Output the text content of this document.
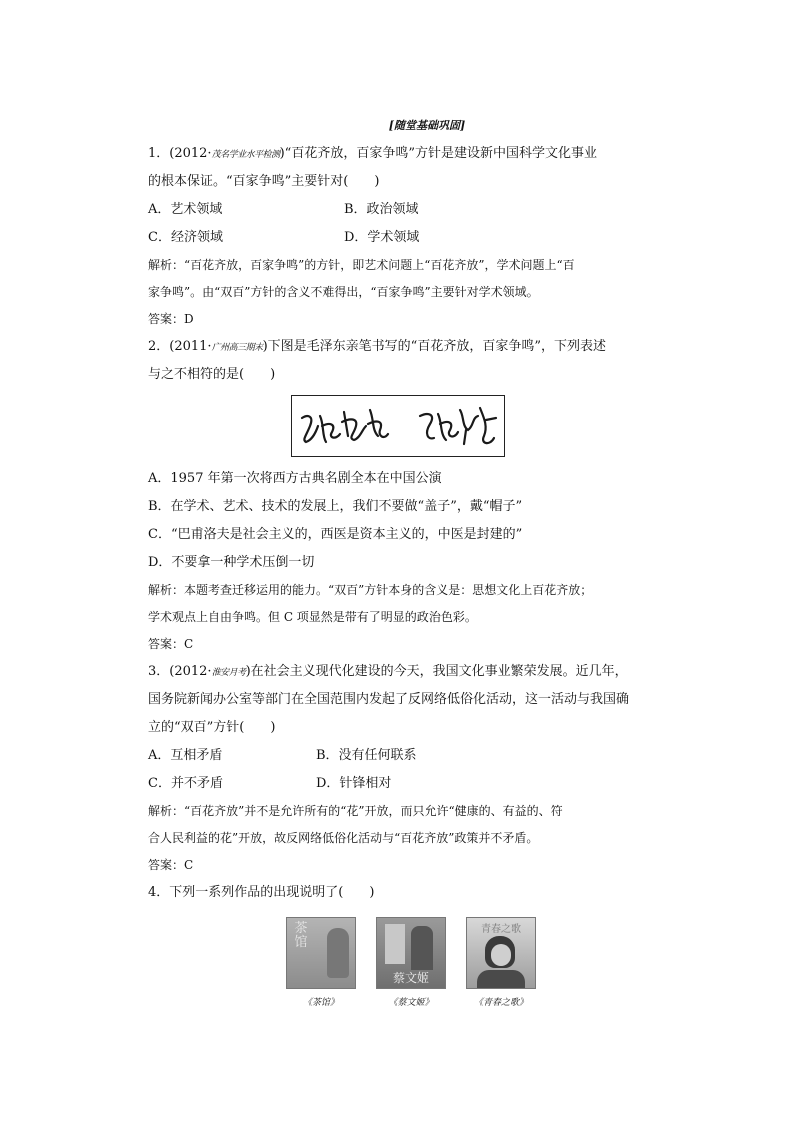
[随堂基础巩固]
1．(2012·茂名学业水平检测)“百花齐放，百家争鸣”方针是建设新中国科学文化事业
的根本保证。“百家争鸣”主要针对(　　)
A．艺术领域	B．政治领域
C．经济领域	D．学术领域
解析：“百花齐放，百家争鸣”的方针，即艺术问题上“百花齐放”，学术问题上“百
家争鸣”。由“双百”方针的含义不难得出，“百家争鸣”主要针对学术领域。
答案：D
2．(2011·广州高三期末)下图是毛泽东亲笔书写的“百花齐放，百家争鸣”，下列表述
与之不相符的是(　　)
A．1957 年第一次将西方古典名剧全本在中国公演
B．在学术、艺术、技术的发展上，我们不要做“盖子”，戴“帽子”
C．“巴甫洛夫是社会主义的，西医是资本主义的，中医是封建的”
D．不要拿一种学术压倒一切
解析：本题考查迁移运用的能力。“双百”方针本身的含义是：思想文化上百花齐放；
学术观点上自由争鸣。但 C 项显然是带有了明显的政治色彩。
答案：C
3．(2012·淮安月考)在社会主义现代化建设的今天，我国文化事业繁荣发展。近几年，
国务院新闻办公室等部门在全国范围内发起了反网络低俗化活动，这一活动与我国确
立的“双百”方针(　　)
A．互相矛盾	B．没有任何联系
C．并不矛盾	D．针锋相对
解析：“百花齐放”并不是允许所有的“花”开放，而只允许“健康的、有益的、符
合人民利益的花”开放，故反网络低俗化活动与“百花齐放”政策并不矛盾。
答案：C
4．下列一系列作品的出现说明了(　　)
茶馆
《茶馆》
蔡文姬
《蔡文姬》
青春之歌
《青春之歌》
